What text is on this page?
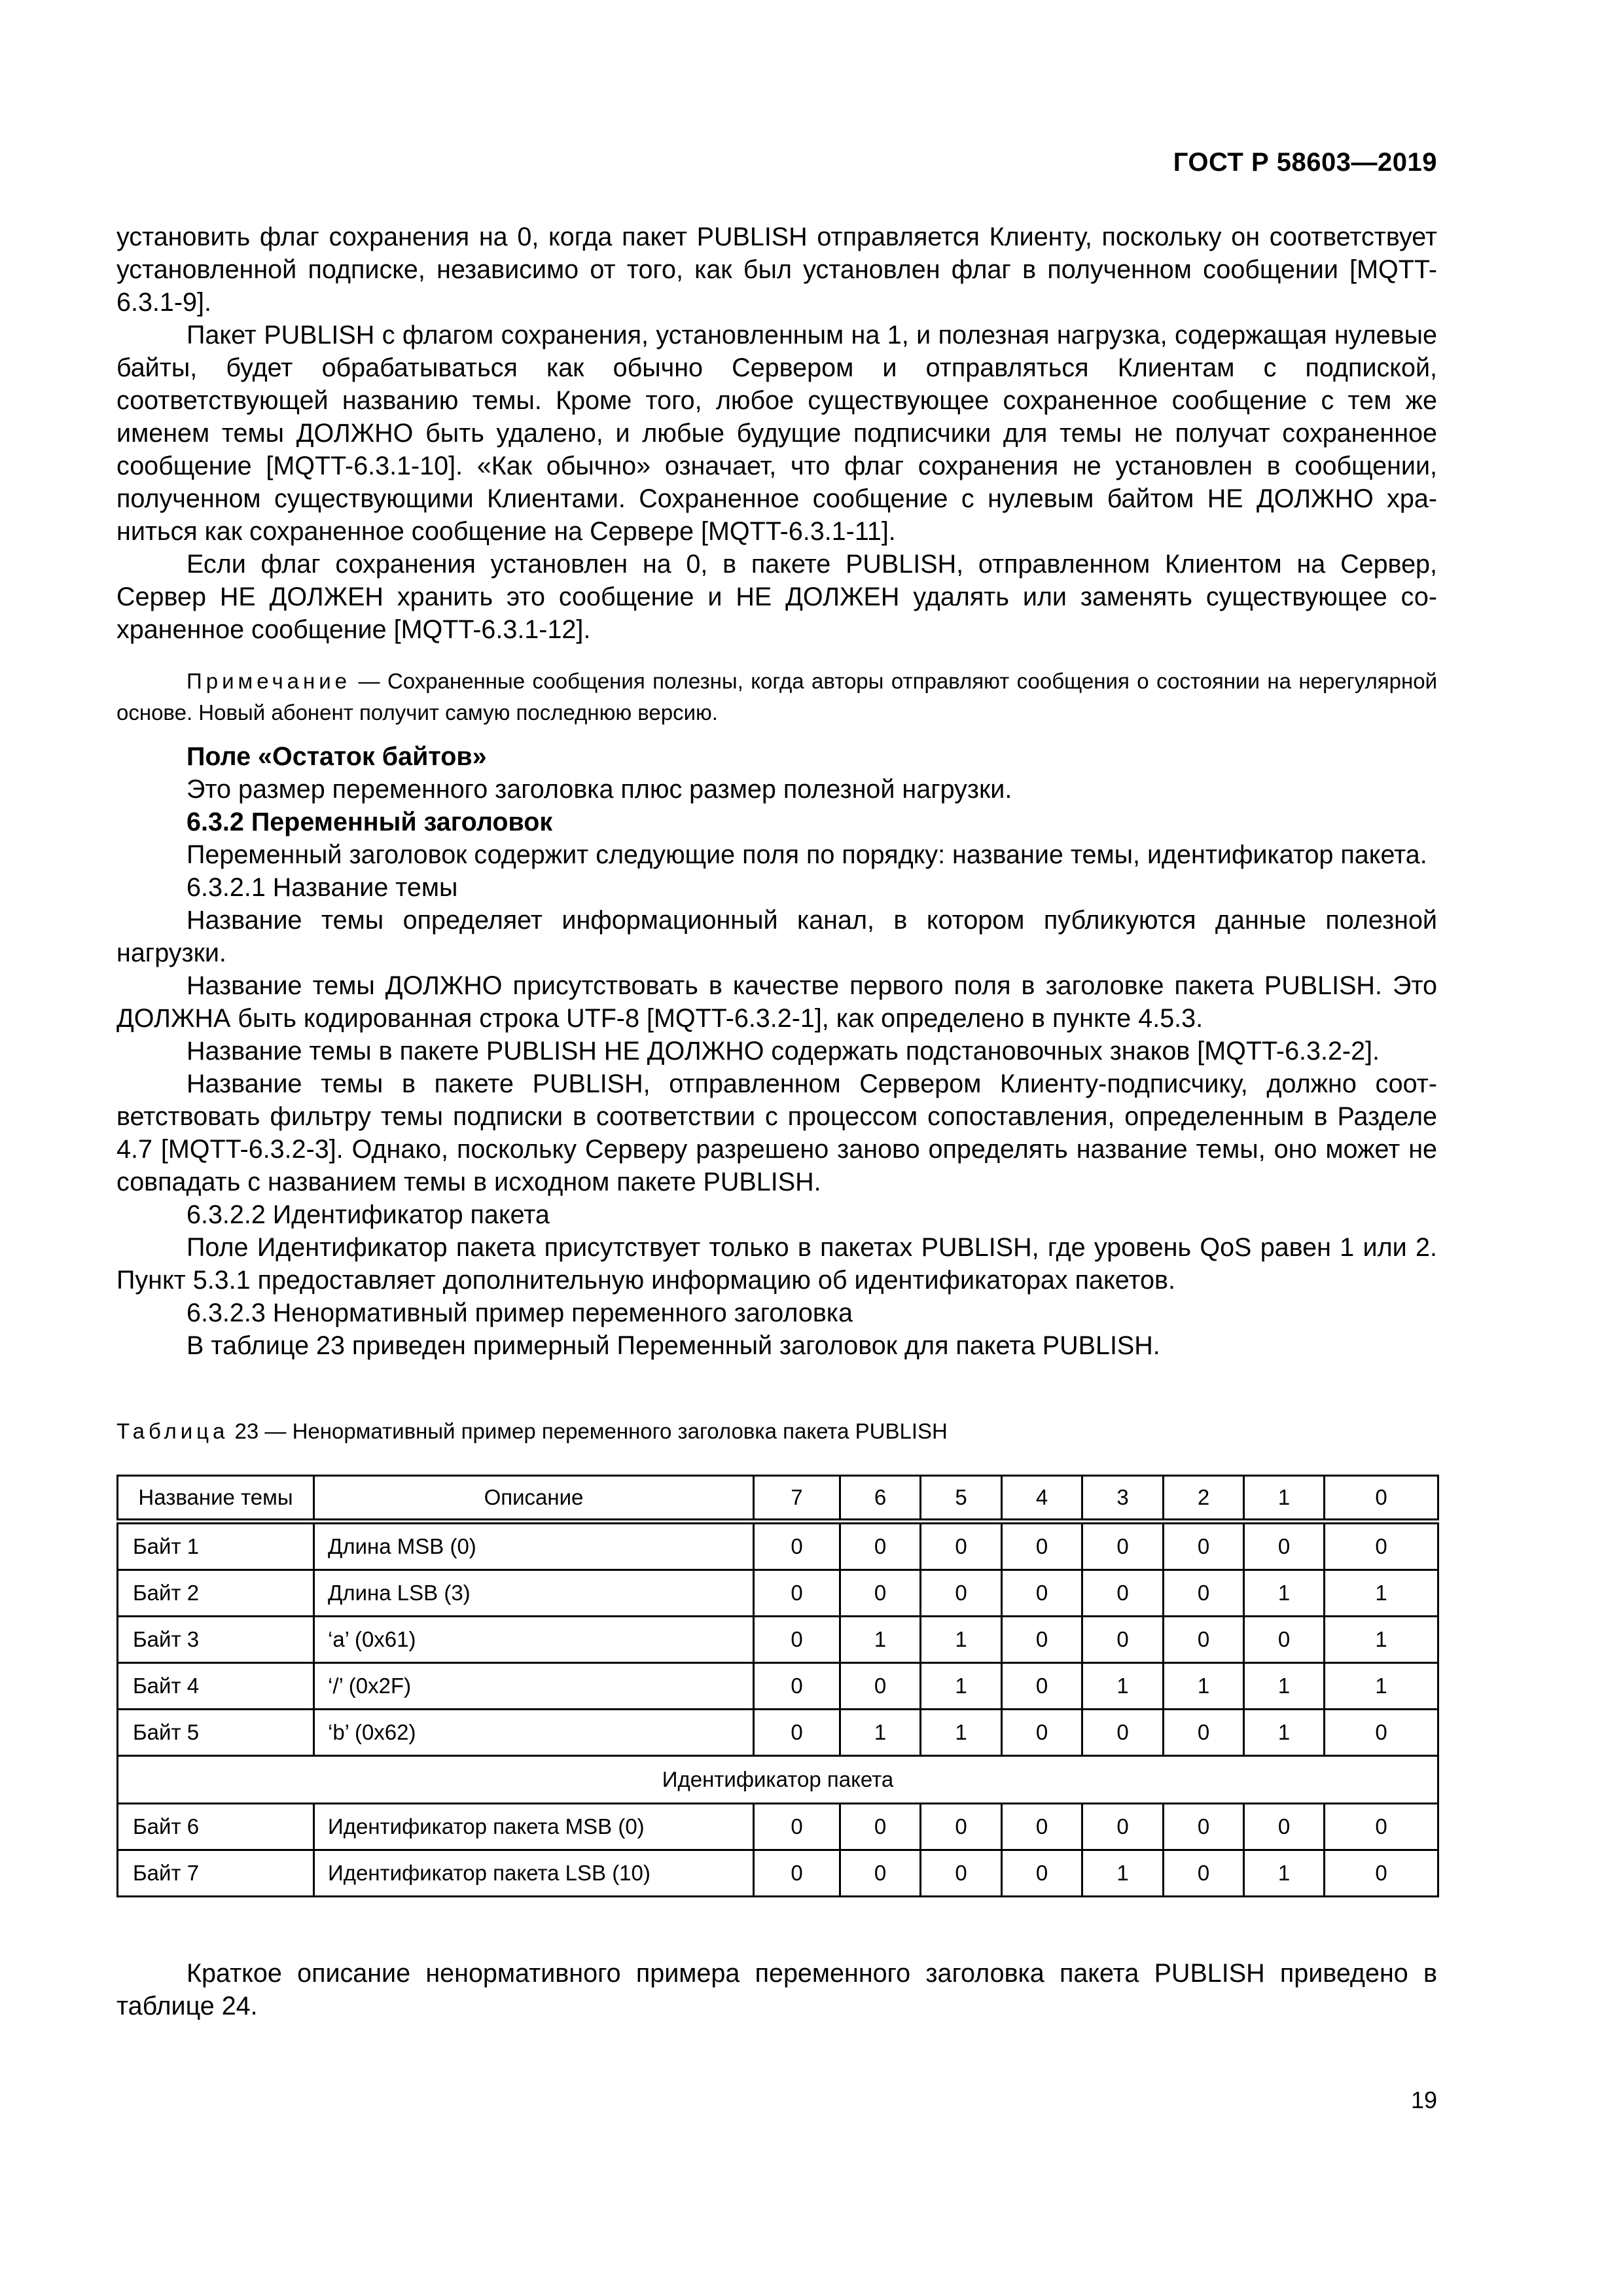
ГОСТ Р 58603—2019

установить флаг сохранения на 0, когда пакет PUBLISH отправляется Клиенту, поскольку он соответствует установленной подписке, независимо от того, как был установлен флаг в полученном сообщении [MQTT-6.3.1-9].

Пакет PUBLISH с флагом сохранения, установленным на 1, и полезная нагрузка, содержащая нулевые байты, будет обрабатываться как обычно Сервером и отправляться Клиентам с подпиской, соответствующей названию темы. Кроме того, любое существующее сохраненное сообщение с тем же именем темы ДОЛЖНО быть удалено, и любые будущие подписчики для темы не получат сохраненное сообщение [MQTT-6.3.1-10]. «Как обычно» означает, что флаг сохранения не установлен в сообщении, полученном существующими Клиентами. Сохраненное сообщение с нулевым байтом НЕ ДОЛЖНО храниться как сохраненное сообщение на Сервере [MQTT-6.3.1-11].

Если флаг сохранения установлен на 0, в пакете PUBLISH, отправленном Клиентом на Сервер, Сервер НЕ ДОЛЖЕН хранить это сообщение и НЕ ДОЛЖЕН удалять или заменять существующее сохраненное сообщение [MQTT-6.3.1-12].

Примечание — Сохраненные сообщения полезны, когда авторы отправляют сообщения о состоянии на нерегулярной основе. Новый абонент получит самую последнюю версию.

Поле «Остаток байтов»

Это размер переменного заголовка плюс размер полезной нагрузки.

6.3.2 Переменный заголовок

Переменный заголовок содержит следующие поля по порядку: название темы, идентификатор пакета.

6.3.2.1 Название темы

Название темы определяет информационный канал, в котором публикуются данные полезной нагрузки.

Название темы ДОЛЖНО присутствовать в качестве первого поля в заголовке пакета PUBLISH. Это ДОЛЖНА быть кодированная строка UTF-8 [MQTT-6.3.2-1], как определено в пункте 4.5.3.

Название темы в пакете PUBLISH НЕ ДОЛЖНО содержать подстановочных знаков [MQTT-6.3.2-2].

Название темы в пакете PUBLISH, отправленном Сервером Клиенту-подписчику, должно соответствовать фильтру темы подписки в соответствии с процессом сопоставления, определенным в Разделе 4.7 [MQTT-6.3.2-3]. Однако, поскольку Серверу разрешено заново определять название темы, оно может не совпадать с названием темы в исходном пакете PUBLISH.

6.3.2.2 Идентификатор пакета

Поле Идентификатор пакета присутствует только в пакетах PUBLISH, где уровень QoS равен 1 или 2. Пункт 5.3.1 предоставляет дополнительную информацию об идентификаторах пакетов.

6.3.2.3 Ненормативный пример переменного заголовка

В таблице 23 приведен примерный Переменный заголовок для пакета PUBLISH.

Таблица 23 — Ненормативный пример переменного заголовка пакета PUBLISH

Название темы	Описание	7	6	5	4	3	2	1	0
Байт 1	Длина MSB (0)	0	0	0	0	0	0	0	0
Байт 2	Длина LSB (3)	0	0	0	0	0	0	1	1
Байт 3	‘a’ (0x61)	0	1	1	0	0	0	0	1
Байт 4	‘/’ (0x2F)	0	0	1	0	1	1	1	1
Байт 5	‘b’ (0x62)	0	1	1	0	0	0	1	0
Идентификатор пакета									
Байт 6	Идентификатор пакета MSB (0)	0	0	0	0	0	0	0	0
Байт 7	Идентификатор пакета LSB (10)	0	0	0	0	1	0	1	0

Краткое описание ненормативного примера переменного заголовка пакета PUBLISH приведено в таблице 24.

19
